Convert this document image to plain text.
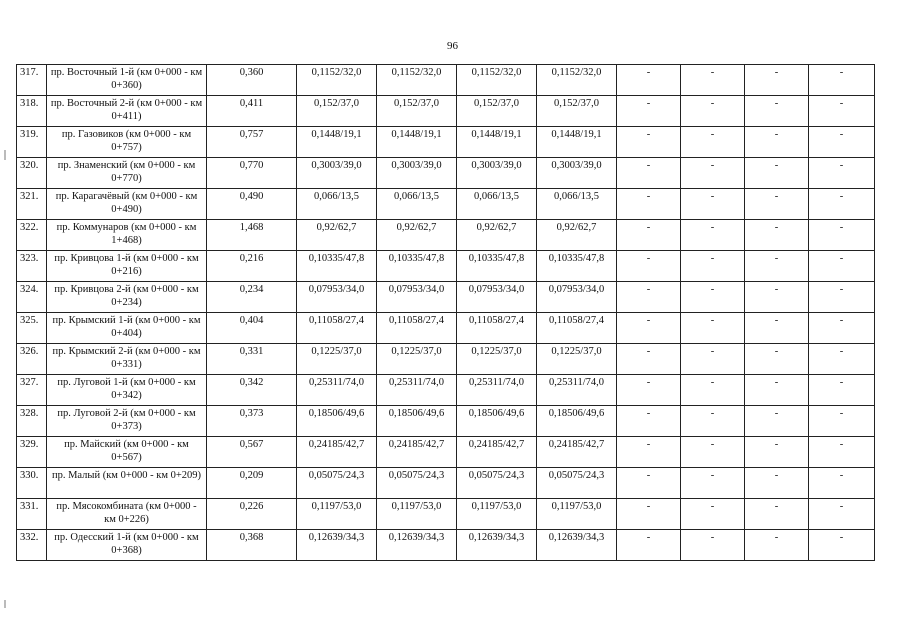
96
317.	пр. Восточный 1-й (км 0+000 - км 0+360)	0,360	0,1152/32,0	0,1152/32,0	0,1152/32,0	0,1152/32,0	-	-	-	-
318.	пр. Восточный 2-й (км 0+000 - км 0+411)	0,411	0,152/37,0	0,152/37,0	0,152/37,0	0,152/37,0	-	-	-	-
319.	пр. Газовиков (км 0+000 - км 0+757)	0,757	0,1448/19,1	0,1448/19,1	0,1448/19,1	0,1448/19,1	-	-	-	-
320.	пр. Знаменский (км 0+000 - км 0+770)	0,770	0,3003/39,0	0,3003/39,0	0,3003/39,0	0,3003/39,0	-	-	-	-
321.	пр. Карагачёвый (км 0+000 - км 0+490)	0,490	0,066/13,5	0,066/13,5	0,066/13,5	0,066/13,5	-	-	-	-
322.	пр. Коммунаров (км 0+000 - км 1+468)	1,468	0,92/62,7	0,92/62,7	0,92/62,7	0,92/62,7	-	-	-	-
323.	пр. Кривцова 1-й (км 0+000 - км 0+216)	0,216	0,10335/47,8	0,10335/47,8	0,10335/47,8	0,10335/47,8	-	-	-	-
324.	пр. Кривцова 2-й (км 0+000 - км 0+234)	0,234	0,07953/34,0	0,07953/34,0	0,07953/34,0	0,07953/34,0	-	-	-	-
325.	пр. Крымский 1-й (км 0+000 - км 0+404)	0,404	0,11058/27,4	0,11058/27,4	0,11058/27,4	0,11058/27,4	-	-	-	-
326.	пр. Крымский 2-й (км 0+000 - км 0+331)	0,331	0,1225/37,0	0,1225/37,0	0,1225/37,0	0,1225/37,0	-	-	-	-
327.	пр. Луговой 1-й (км 0+000 - км 0+342)	0,342	0,25311/74,0	0,25311/74,0	0,25311/74,0	0,25311/74,0	-	-	-	-
328.	пр. Луговой 2-й (км 0+000 - км 0+373)	0,373	0,18506/49,6	0,18506/49,6	0,18506/49,6	0,18506/49,6	-	-	-	-
329.	пр. Майский (км 0+000 - км 0+567)	0,567	0,24185/42,7	0,24185/42,7	0,24185/42,7	0,24185/42,7	-	-	-	-
330.	пр. Малый (км 0+000 - км 0+209)	0,209	0,05075/24,3	0,05075/24,3	0,05075/24,3	0,05075/24,3	-	-	-	-
331.	пр. Мясокомбината (км 0+000 - км 0+226)	0,226	0,1197/53,0	0,1197/53,0	0,1197/53,0	0,1197/53,0	-	-	-	-
332.	пр. Одесский 1-й (км 0+000 - км 0+368)	0,368	0,12639/34,3	0,12639/34,3	0,12639/34,3	0,12639/34,3	-	-	-	-
